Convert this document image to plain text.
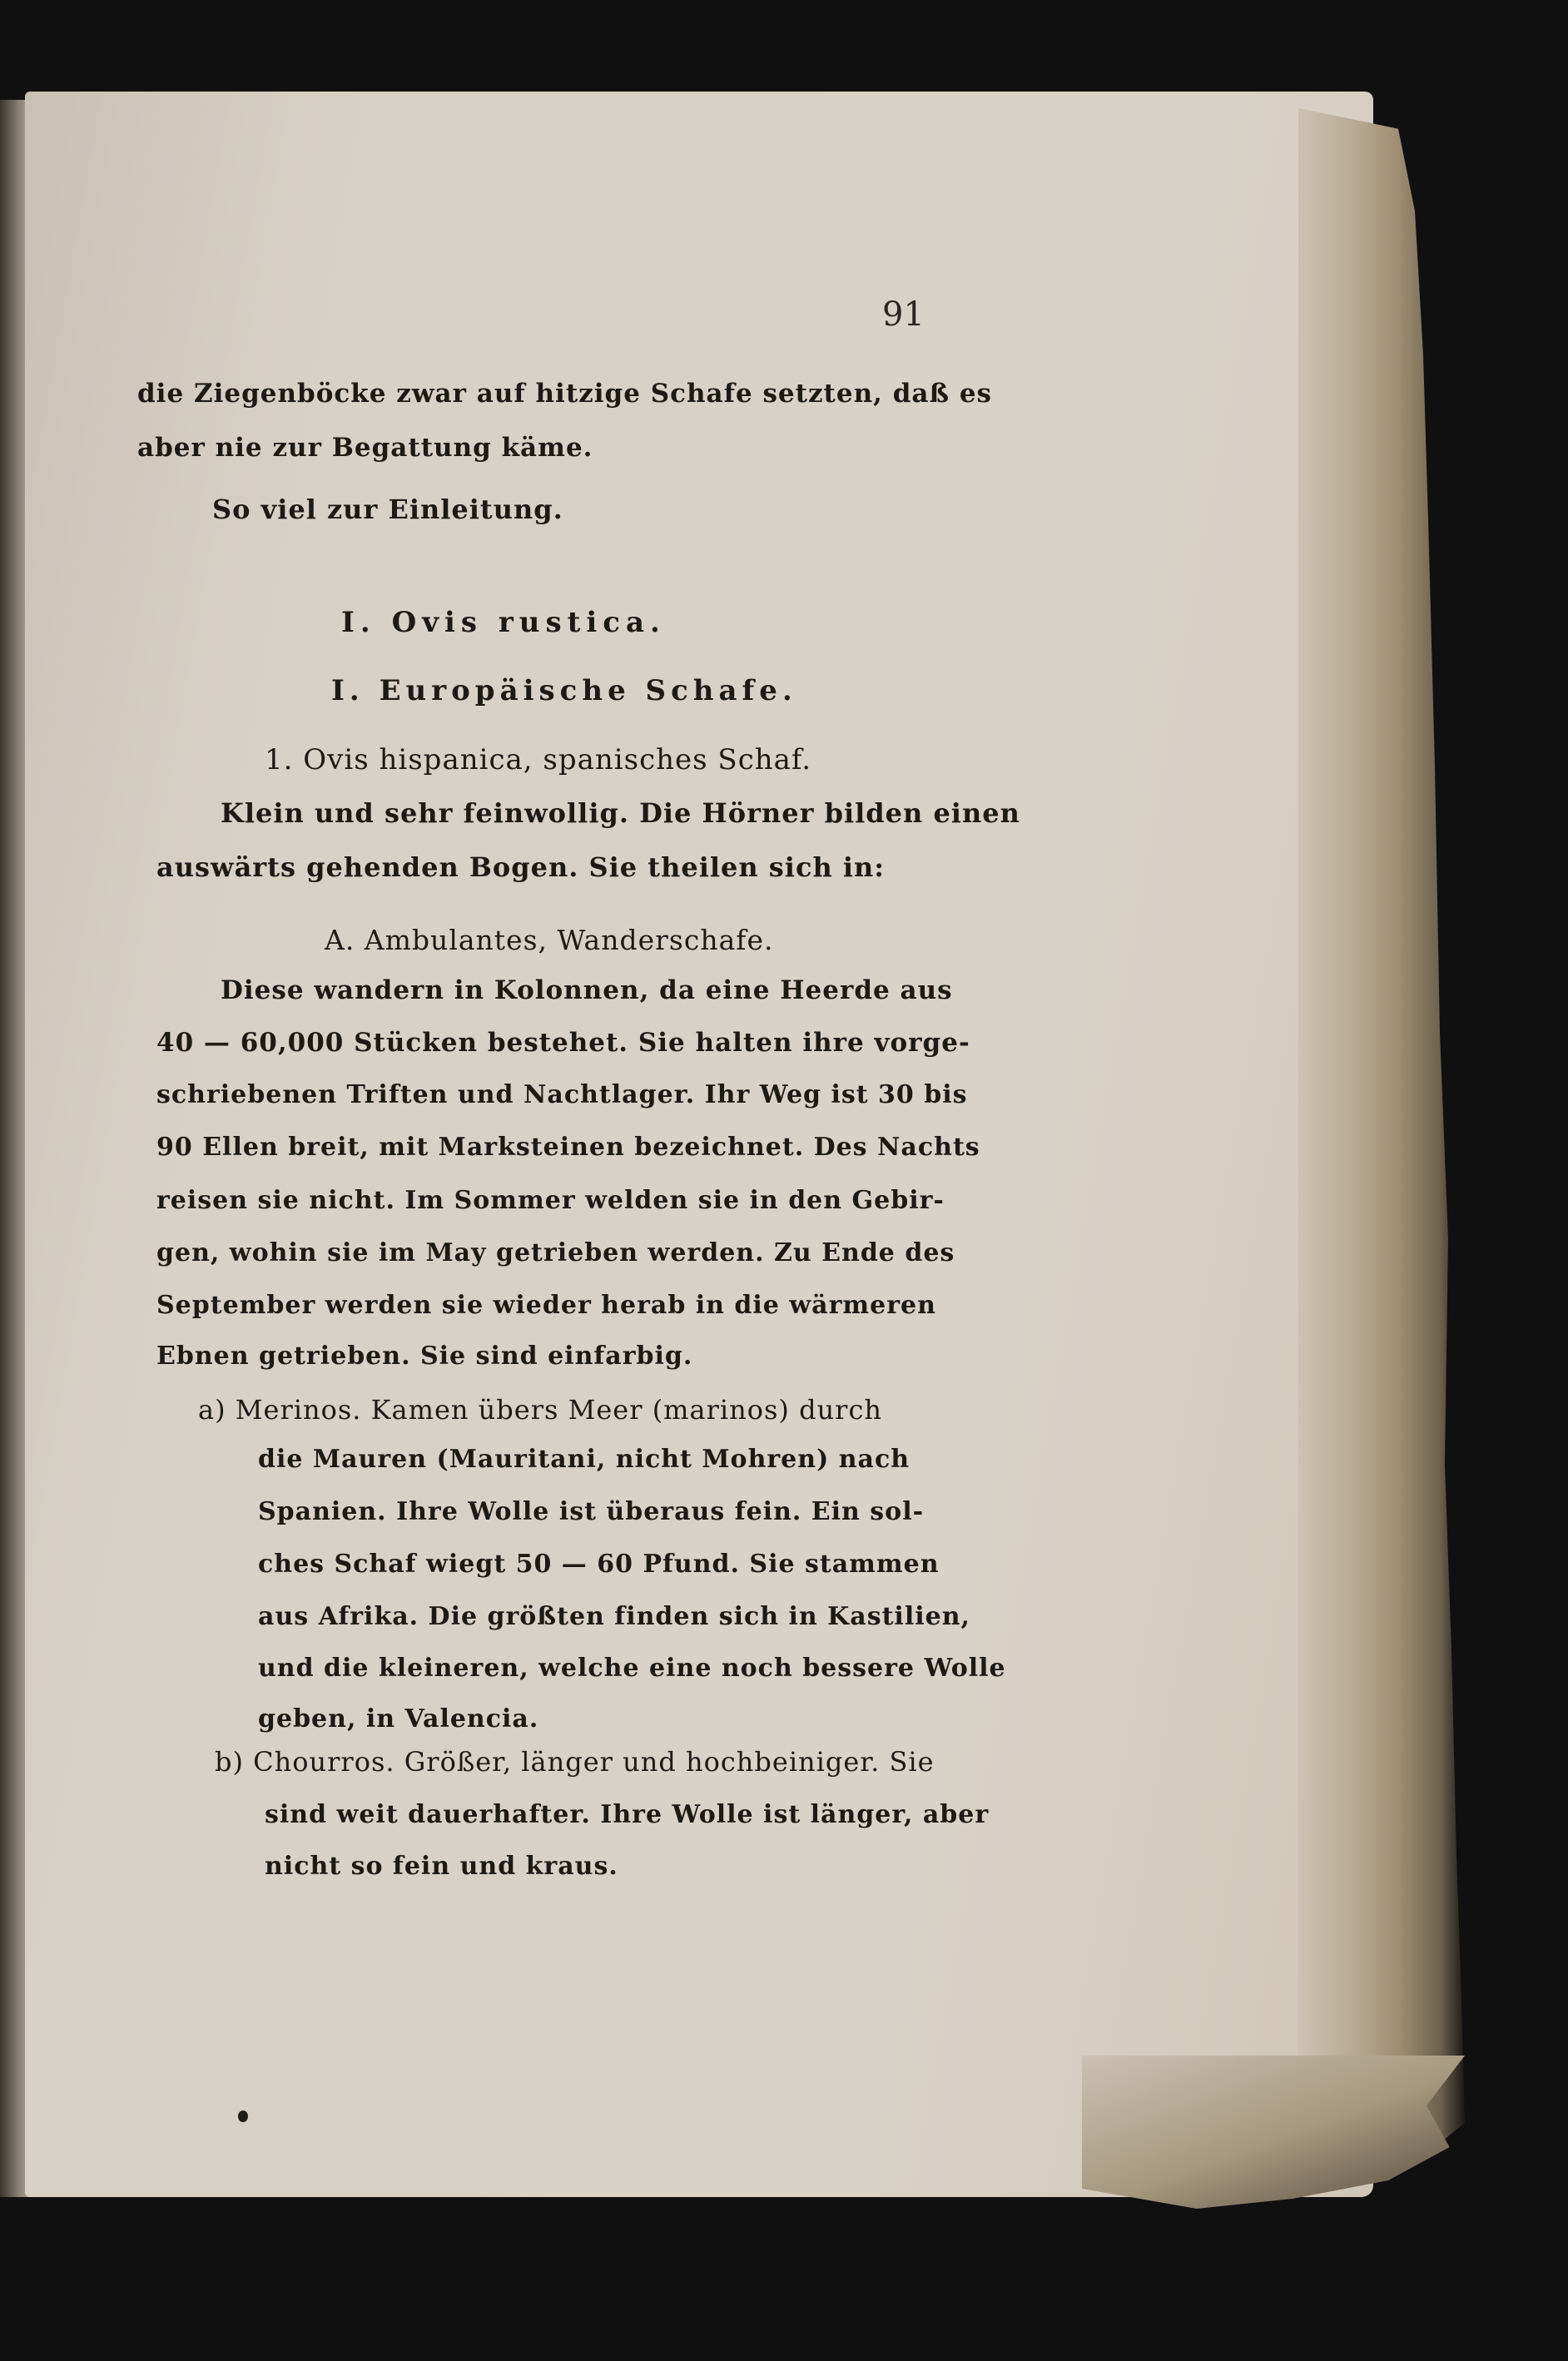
91
die Ziegenböcke zwar auf hitzige Schafe setzten, daß es
aber nie zur Begattung käme.
So viel zur Einleitung.
I. Ovis rustica.
I. Europäische Schafe.
1. Ovis hispanica, spanisches Schaf.
Klein und sehr feinwollig. Die Hörner bilden einen
auswärts gehenden Bogen. Sie theilen sich in:
A. Ambulantes, Wanderschafe.
Diese wandern in Kolonnen, da eine Heerde aus
40 — 60,000 Stücken bestehet. Sie halten ihre vorge-
schriebenen Triften und Nachtlager. Ihr Weg ist 30 bis
90 Ellen breit, mit Marksteinen bezeichnet. Des Nachts
reisen sie nicht. Im Sommer welden sie in den Gebir-
gen, wohin sie im May getrieben werden. Zu Ende des
September werden sie wieder herab in die wärmeren
Ebnen getrieben. Sie sind einfarbig.
a) Merinos. Kamen übers Meer (marinos) durch
die Mauren (Mauritani, nicht Mohren) nach
Spanien. Ihre Wolle ist überaus fein. Ein sol-
ches Schaf wiegt 50 — 60 Pfund. Sie stammen
aus Afrika. Die größten finden sich in Kastilien,
und die kleineren, welche eine noch bessere Wolle
geben, in Valencia.
b) Chourros. Größer, länger und hochbeiniger. Sie
sind weit dauerhafter. Ihre Wolle ist länger, aber
nicht so fein und kraus.
